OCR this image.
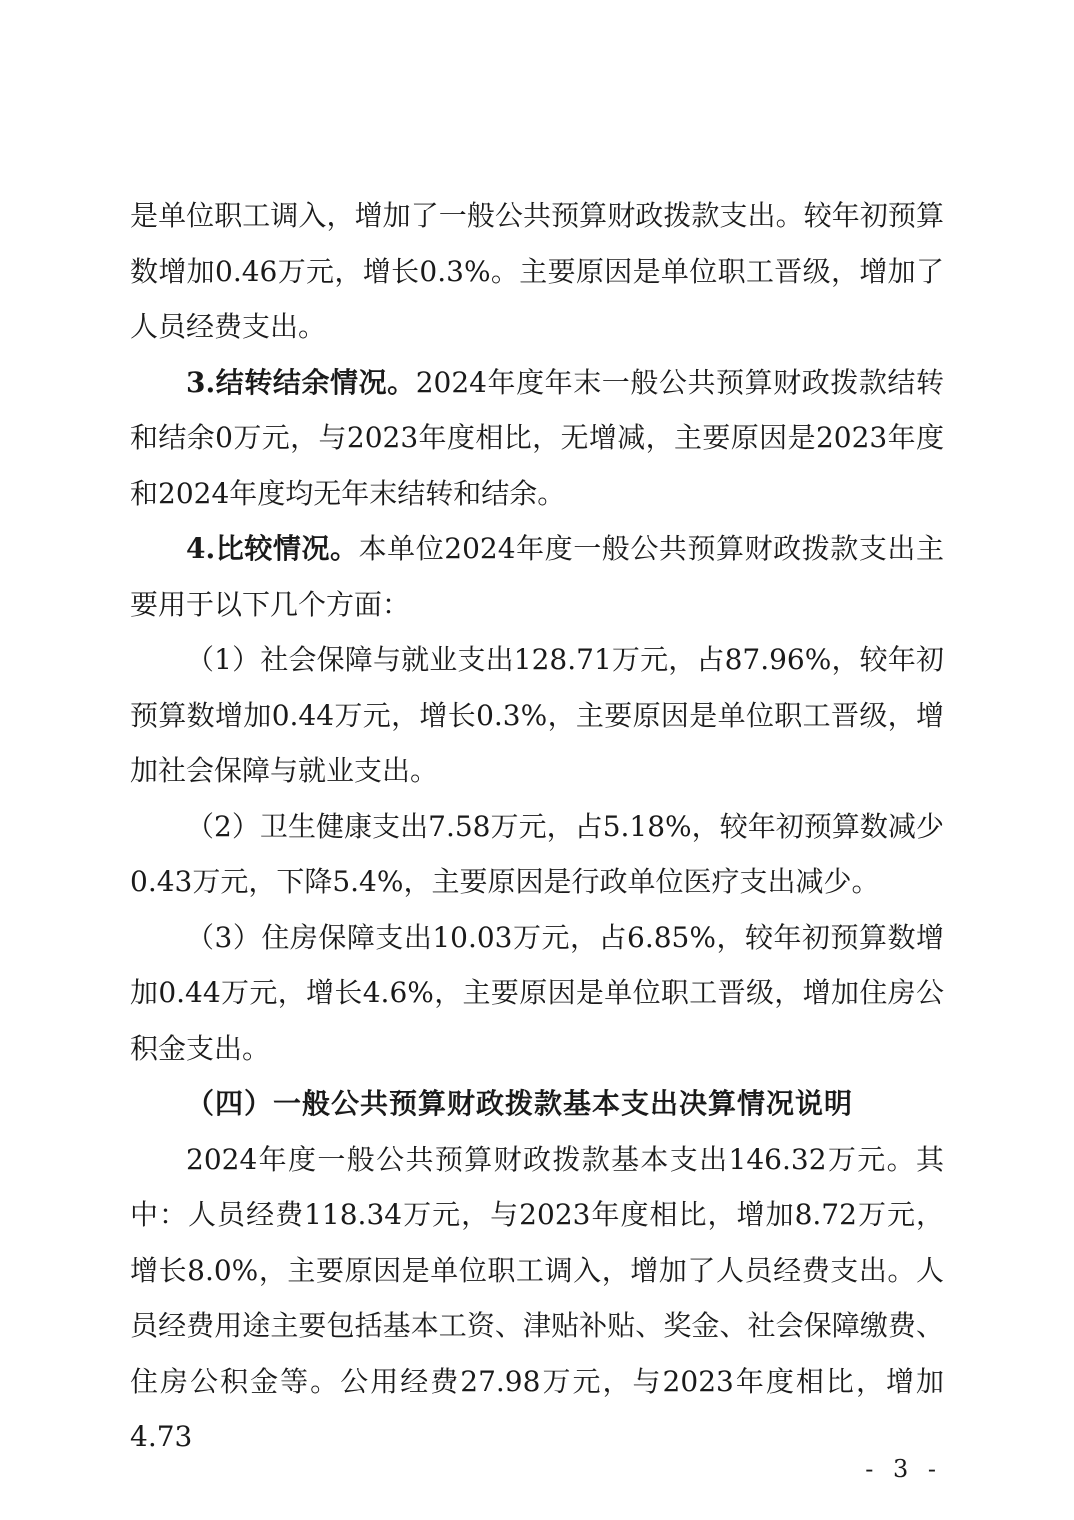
是单位职工调入，增加了一般公共预算财政拨款支出。较年初预算数增加0.46万元，增长0.3%。主要原因是单位职工晋级，增加了人员经费支出。

3.结转结余情况。2024年度年末一般公共预算财政拨款结转和结余0万元，与2023年度相比，无增减，主要原因是2023年度和2024年度均无年末结转和结余。

4.比较情况。本单位2024年度一般公共预算财政拨款支出主要用于以下几个方面：

（1）社会保障与就业支出128.71万元，占87.96%，较年初预算数增加0.44万元，增长0.3%，主要原因是单位职工晋级，增加社会保障与就业支出。

（2）卫生健康支出7.58万元，占5.18%，较年初预算数减少0.43万元，下降5.4%，主要原因是行政单位医疗支出减少。

（3）住房保障支出10.03万元，占6.85%，较年初预算数增加0.44万元，增长4.6%，主要原因是单位职工晋级，增加住房公积金支出。

（四）一般公共预算财政拨款基本支出决算情况说明

2024年度一般公共预算财政拨款基本支出146.32万元。其中：人员经费118.34万元，与2023年度相比，增加8.72万元，增长8.0%，主要原因是单位职工调入，增加了人员经费支出。人员经费用途主要包括基本工资、津贴补贴、奖金、社会保障缴费、住房公积金等。公用经费27.98万元，与2023年度相比，增加4.73

- 3 -
